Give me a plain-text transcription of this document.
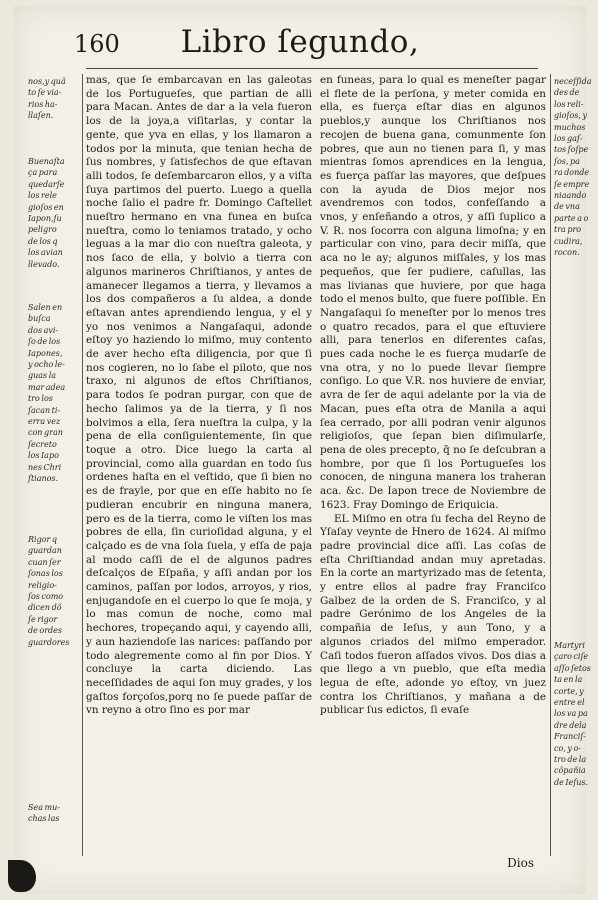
160	Libro ſegundo,
nos,y quã
to ſe via-
rios ha-
llaſen.
Buenaſta
ça para
quedarſe
los rele
gioſos en
Iapon,ſu
peligro
de los q
los avian
llevado.
Salen en
buſca
dos avi-
ſo de los
Iapones,
y ocho le-
guas la
mar adea
tro los
ſacan ti-
erra vez
con gran
ſecreto
los Iapo
nes Chri
ſtianos.
Rigor q
guardan
cuan ſer
ſonas los
religio-
ſos como
dicen dõ
ſe rigor
de ordes
guardores
Sea mu-
chas las

mas, que ſe embarcavan en las galeotas de los Portugueſes, que partian de alli para Macan. Antes de dar a la vela fueron los de la joya,a viſitarlas, y contar la gente, que yva en ellas, y los llamaron a todos por la minuta, que tenian hecha de ſus nombres, y ſatisfechos de que eſtavan alli todos, ſe deſembarcaron ellos, y a viſta ſuya partimos del puerto. Luego a quella noche ſalio el padre fr. Domingo Caſtellet nueſtro hermano en vna funea en buſca nueſtra, como lo teniamos tratado, y ocho leguas a la mar dio con nueſtra galeota, y nos ſaco de ella, y bolvio a tierra con algunos marineros Chriſtianos, y antes de amanecer llegamos a tierra, y llevamos a los dos compañeros a ſu aldea, a donde eſtavan antes aprendiendo lengua, y el y yo nos venimos a Nangaſaqui, adonde eſtoy yo haziendo lo miſmo, muy contento de aver hecho eſta diligencia, por que ſi nos cogieren, no lo ſabe el piloto, que nos traxo, ni algunos de eſtos Chriſtianos, para todos ſe podran purgar, con que de hecho ſalimos ya de la tierra, y ſi nos bolvimos a ella, ſera nueſtra la culpa, y la pena de ella conſiguientemente, ſin que toque a otro. Dice luego la carta al provincial, como alla guardan en todo ſus ordenes haſta en el veſtido, que ſi bien no es de frayle, por que en eſſe habito no ſe pudieran encubrir en ninguna manera, pero es de la tierra, como le viſten los mas pobres de ella, ſin curioſidad alguna, y el calçado es de vna ſola ſuela, y eſſa de paja al modo caſſi de el de algunos padres deſcalços de Eſpaña, y aſſi andan por los caminos, paſſan por lodos, arroyos, y rios, enjugandoſe en el cuerpo lo que ſe moja, y lo mas comun de noche, como mal hechores, tropeçando aqui, y cayendo alli, y aun haziendoſe las narices: paſſando por todo alegremente como al fin por Dios. Y concluye la carta diciendo. Las neceſſidades de aqui ſon muy grades, y los gaſtos forçoſos,porq no ſe puede paſſar de vn reyno a otro ſino es por mar

en funeas, para lo qual es meneſter pagar el flete de la perſona, y meter comida en ella, es fuerça eſtar dias en algunos pueblos,y aunque los Chriſtianos nos recojen de buena gana, comunmente ſon pobres, que aun no tienen para ſi, y mas mientras ſomos aprendices en la lengua, es fuerça paſſar las mayores, que deſpues con la ayuda de Dios mejor nos avendremos con todos, confeſſando a vnos, y enſeñando a otros, y aſſi ſuplico a V. R. nos ſocorra con alguna limoſna; y en particular con vino, para decir miſſa, que aca no le ay; algunos miſſales, y los mas pequeños, que ſer pudiere, caſullas, las mas livianas que huviere, por que haga todo el menos bulto, que fuere poſſible. En Nangaſaqui ſo meneſter por lo menos tres o quatro recados, para el que eſtuviere alli, para tenerlos en diferentes caſas, pues cada noche le es fuerça mudarſe de vna otra, y no lo puede llevar ſiempre conſigo. Lo que V.R. nos huviere de enviar, avra de ſer de aqui adelante por la via de Macan, pues eſta otra de Manila a aqui ſea cerrado, por alli podran venir algunos religioſos, que ſepan bien diſimularſe, pena de oles precepto, q̃ no ſe deſcubran a hombre, por que ſi los Portugueſes los conocen, de ninguna manera los traheran aca. &c. De Iapon trece de Noviembre de 1623. Fray Domingo de Eriquicia.

EL Miſmo en otra ſu fecha del Reyno de Yſaſay veynte de Hnero de 1624. Al miſmo padre provincial dice aſſi. Las coſas de eſta Chriſtiandad andan muy apretadas. En la corte an martyrizado mas de ſetenta, y entre ellos al padre fray Franciſco Galbez de la orden de S. Franciſco, y al padre Gerónimo de los Angeles de la compañia de Ieſus, y aun Tono, y a algunos criados del miſmo emperador. Caſi todos fueron aſſados vivos. Dos dias a que llego a vn pueblo, que eſta media legua de eſte, adonde yo eſtoy, vn juez contra los Chriſtianos, y mañana a de publicar ſus edictos, ſi evaſe

neceſſida
des de
los reli-
gioſos, y
muchos
los gaſ-
tos ſoſpe
ſos, pa
ra donde
ſe empre
niaando
de vna
parte a o
tra pro
cudira,
rocon.
Martyri
çaro ciſe
aſſo ſetos
ta en la
corte, y
entre el
los va pa
dre dela
Franciſ-
co, y o-
tro de la
cõpañia
de Ieſus.
Dios
